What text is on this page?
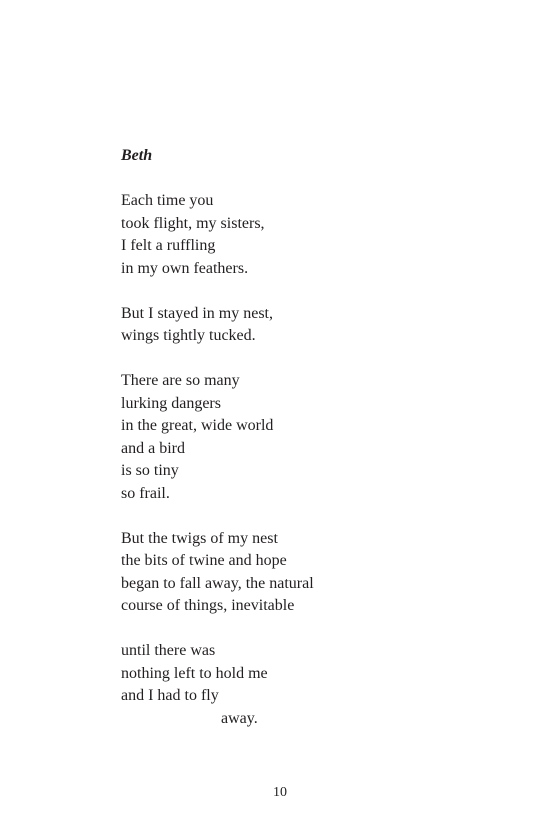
Beth
Each time you
took flight, my sisters,
I felt a ruffling
in my own feathers.
But I stayed in my nest,
wings tightly tucked.
There are so many
lurking dangers
in the great, wide world
and a bird
is so tiny
so frail.
But the twigs of my nest
the bits of twine and hope
began to fall away, the natural
course of things, inevitable
until there was
nothing left to hold me
and I had to fly
away.
10
